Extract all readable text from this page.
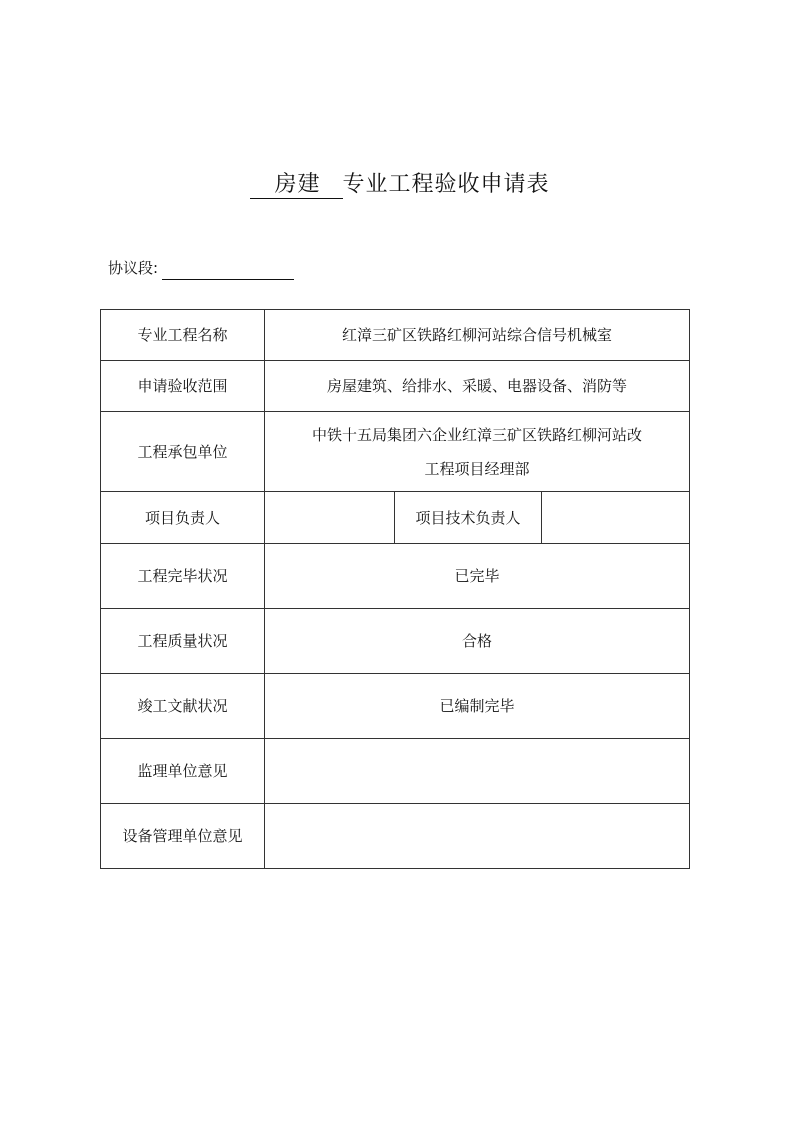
房建 专业工程验收申请表
协议段:
专业工程名称	红漳三矿区铁路红柳河站综合信号机械室		
申请验收范围	房屋建筑、给排水、采暖、电器设备、消防等		
工程承包单位	中铁十五局集团六企业红漳三矿区铁路红柳河站改
工程项目经理部		

项目负责人		项目技术负责人	
工程完毕状况	已完毕		
工程质量状况	合格		
竣工文献状况	已编制完毕		
监理单位意见			
设备管理单位意见			
